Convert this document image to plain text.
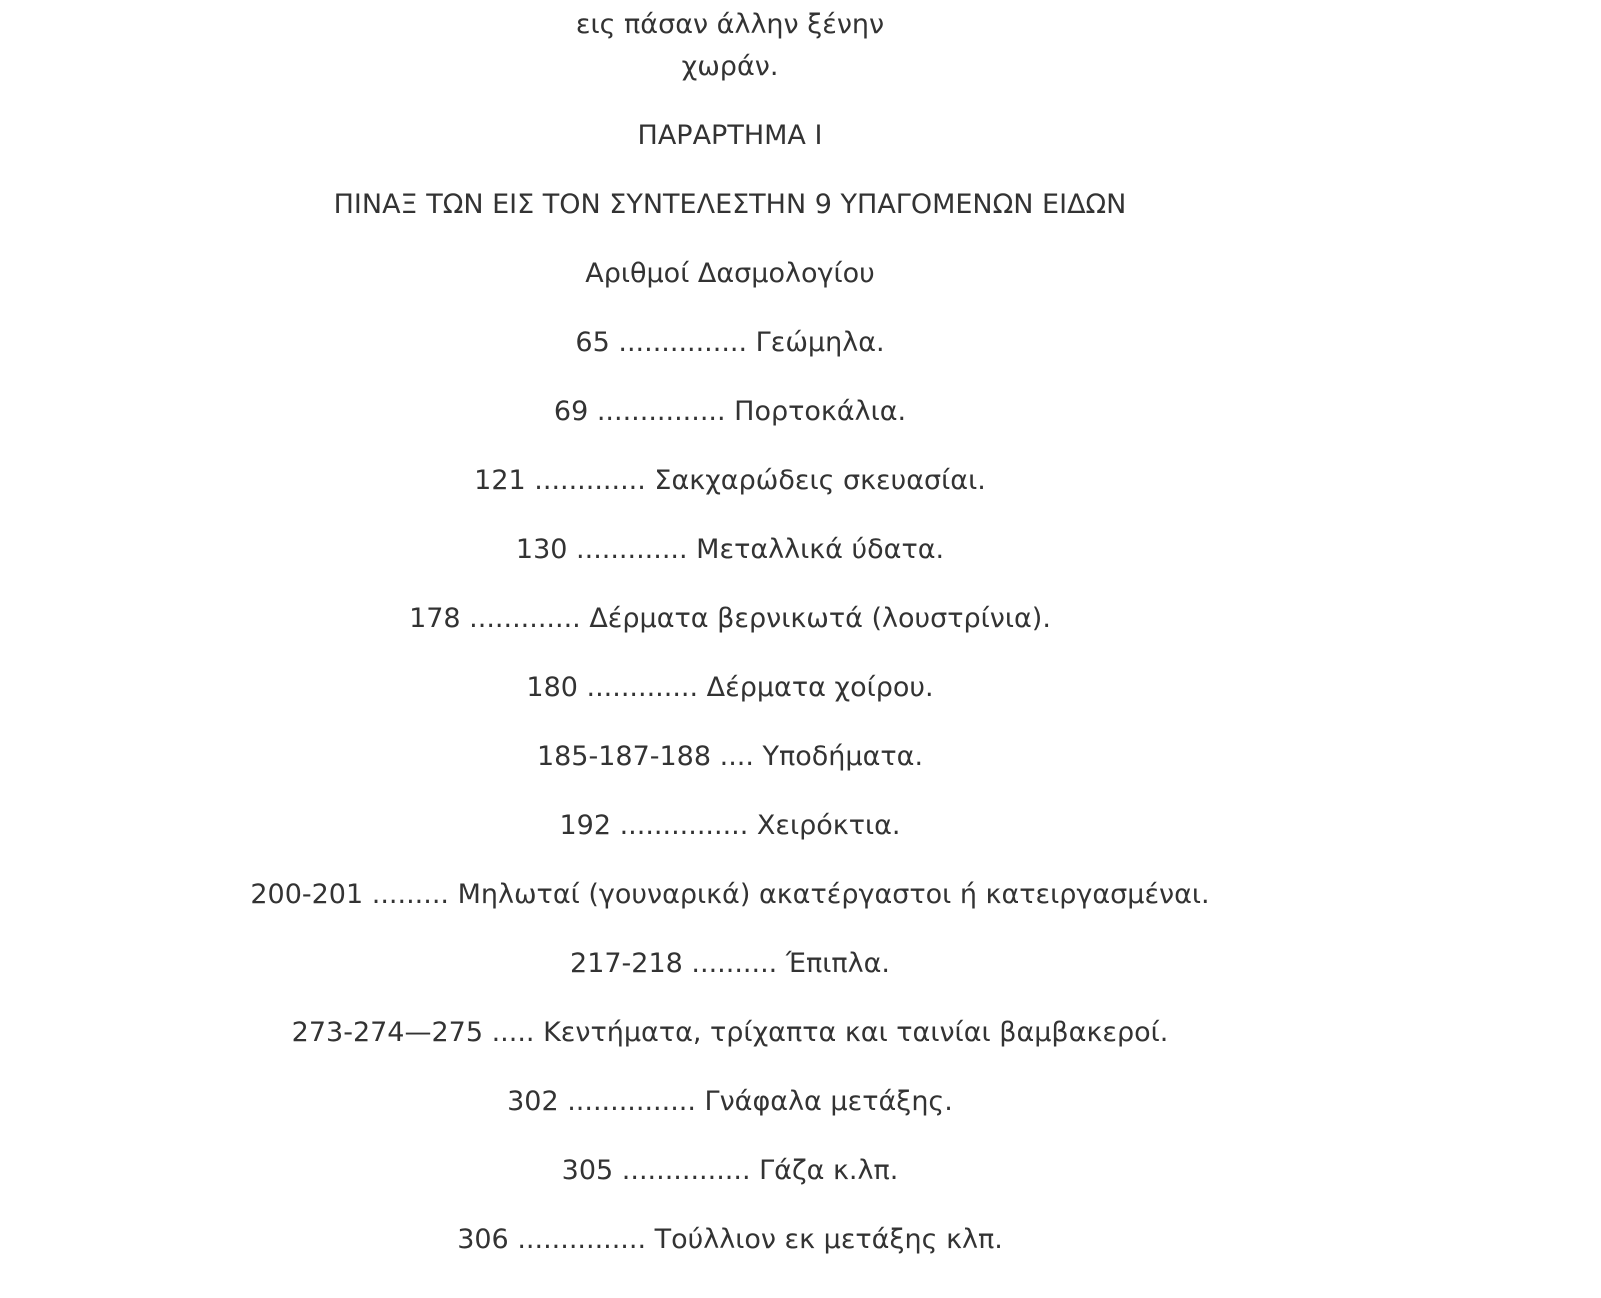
εις πάσαν άλλην ξένην
χωράν.

ΠΑΡΑΡΤΗΜΑ I

ΠΙΝΑΞ ΤΩΝ ΕΙΣ ΤΟΝ ΣΥΝΤΕΛΕΣΤΗΝ 9 ΥΠΑΓΟΜΕΝΩΝ ΕΙΔΩΝ

Αριθμοί Δασμολογίου

65 ............... Γεώμηλα.

69 ............... Πορτοκάλια.

121 ............. Σακχαρώδεις σκευασίαι.

130 ............. Μεταλλικά ύδατα.

178 ............. Δέρματα βερνικωτά (λουστρίνια).

180 ............. Δέρματα χοίρου.

185-187-188 .... Υποδήματα.

192 ............... Χειρόκτια.

200-201 ......... Μηλωταί (γουναρικά) ακατέργαστοι ή κατειργασμέναι.

217-218 .......... Έπιπλα.

273-274—275 ..... Κεντήματα, τρίχαπτα και ταινίαι βαμβακεροί.

302 ............... Γνάφαλα μετάξης.

305 ............... Γάζα κ.λπ.

306 ............... Τούλλιον εκ μετάξης κλπ.
